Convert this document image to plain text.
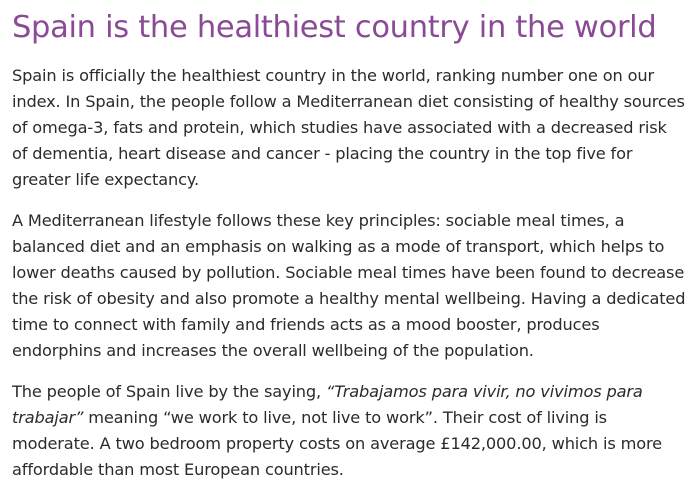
Spain is the healthiest country in the world

Spain is officially the healthiest country in the world, ranking number one on our index. In Spain, the people follow a Mediterranean diet consisting of healthy sources of omega-3, fats and protein, which studies have associated with a decreased risk of dementia, heart disease and cancer - placing the country in the top five for greater life expectancy.

A Mediterranean lifestyle follows these key principles: sociable meal times, a balanced diet and an emphasis on walking as a mode of transport, which helps to lower deaths caused by pollution. Sociable meal times have been found to decrease the risk of obesity and also promote a healthy mental wellbeing. Having a dedicated time to connect with family and friends acts as a mood booster, produces endorphins and increases the overall wellbeing of the population.

The people of Spain live by the saying, “Trabajamos para vivir, no vivimos para trabajar” meaning “we work to live, not live to work”. Their cost of living is moderate. A two bedroom property costs on average £142,000.00, which is more affordable than most European countries.
